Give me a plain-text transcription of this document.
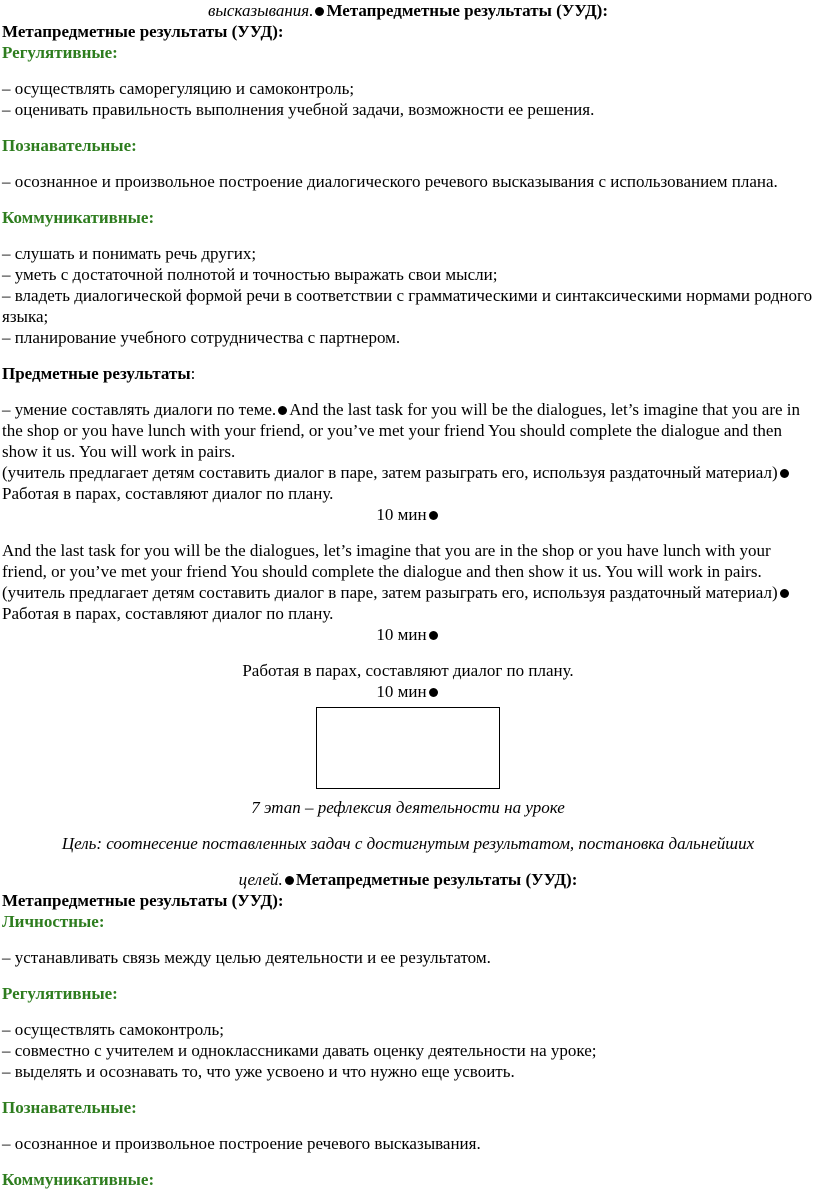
высказывания. Метапредметные результаты (УУД):

Метапредметные результаты (УУД):

Регулятивные:

– осуществлять саморегуляцию и самоконтроль;

– оценивать правильность выполнения учебной задачи, возможности ее решения.

Познавательные:

– осознанное и произвольное построение диалогического речевого высказывания с использованием плана.

Коммуникативные:

– слушать и понимать речь других;

– уметь с достаточной полнотой и точностью выражать свои мысли;

– владеть диалогической формой речи в соответствии с грамматическими и синтаксическими нормами родного языка;

– планирование учебного сотрудничества с партнером.

Предметные результаты:

– умение составлять диалоги по теме. And the last task for you will be the dialogues, let’s imagine that you are in the shop or you have lunch with your friend, or you’ve met your friend You should complete the dialogue and then show it us. You will work in pairs.

(учитель предлагает детям составить диалог в паре, затем разыграть его, используя раздаточный материал)Работая в парах, составляют диалог по плану.

10 мин

And the last task for you will be the dialogues, let’s imagine that you are in the shop or you have lunch with your friend, or you’ve met your friend You should complete the dialogue and then show it us. You will work in pairs.

(учитель предлагает детям составить диалог в паре, затем разыграть его, используя раздаточный материал)Работая в парах, составляют диалог по плану.

10 мин

Работая в парах, составляют диалог по плану.

10 мин

7 этап – рефлексия деятельности на уроке

Цель: соотнесение поставленных задач с достигнутым результатом, постановка дальнейших

целей. Метапредметные результаты (УУД):

Метапредметные результаты (УУД):

Личностные:

– устанавливать связь между целью деятельности и ее результатом.

Регулятивные:

– осуществлять самоконтроль;

– совместно с учителем и одноклассниками давать оценку деятельности на уроке;

– выделять и осознавать то, что уже усвоено и что нужно еще усвоить.

Познавательные:

– осознанное и произвольное построение речевого высказывания.

Коммуникативные:
